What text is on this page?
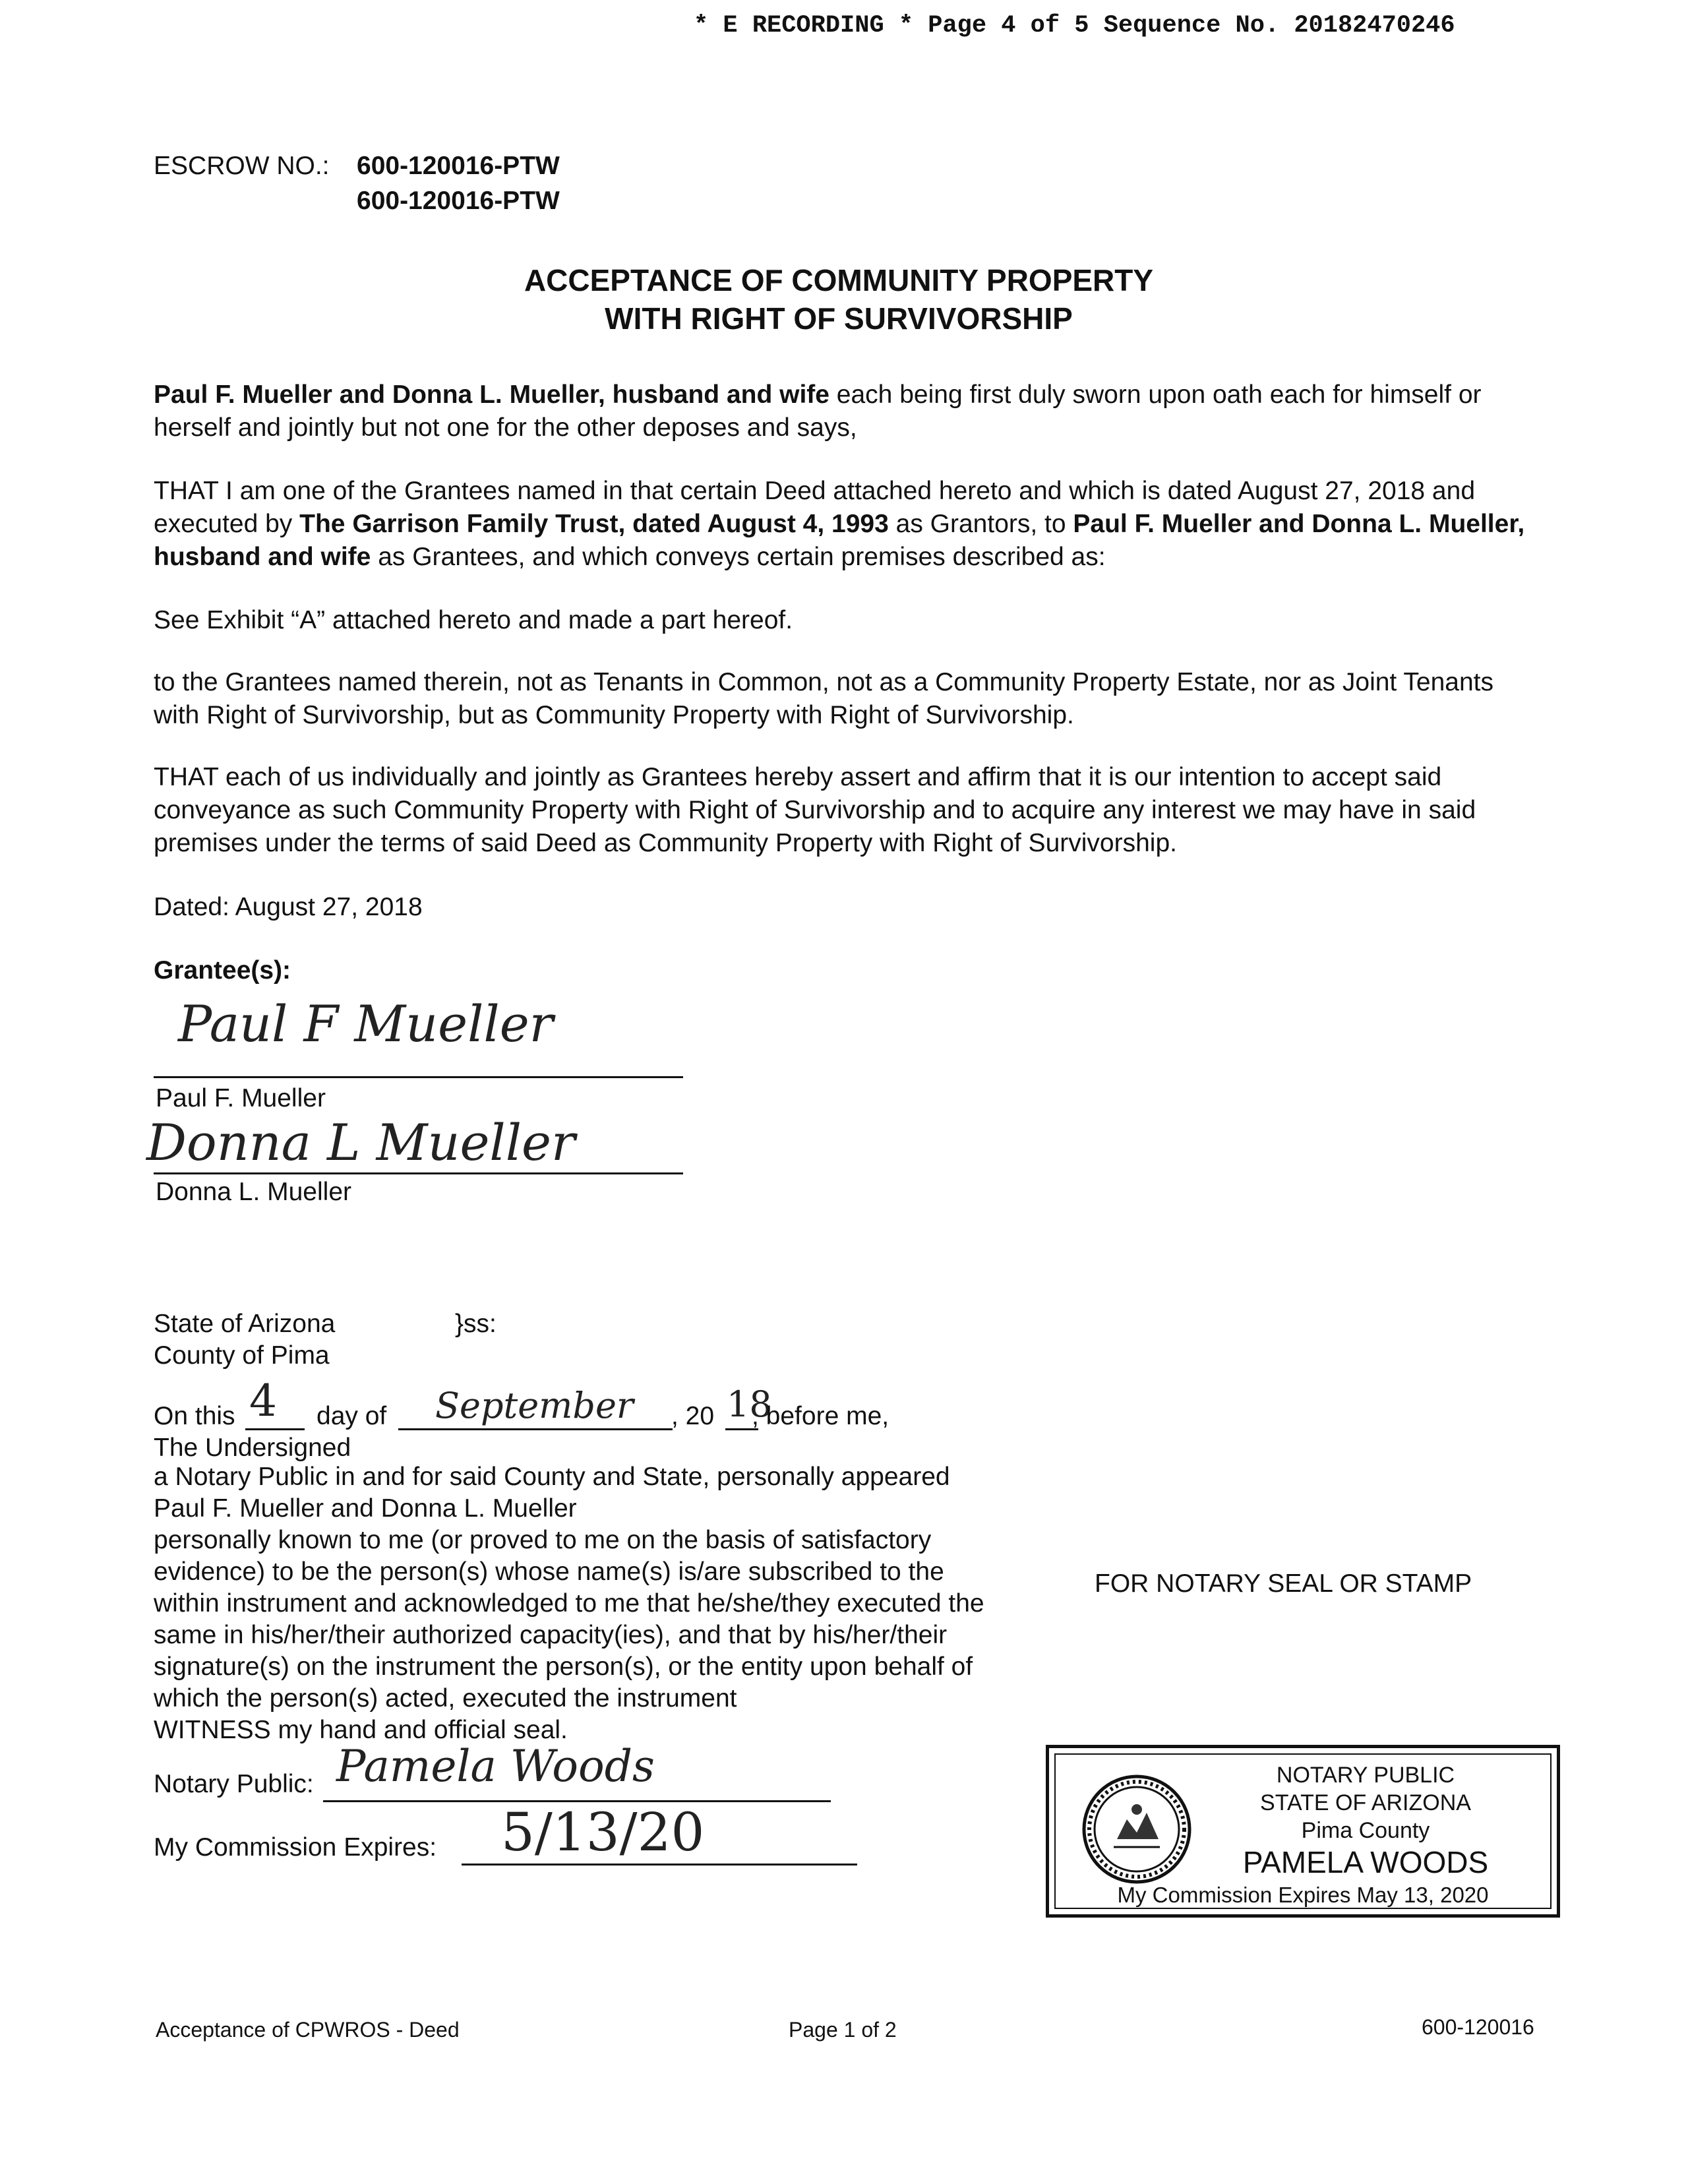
* E RECORDING * Page 4 of 5 Sequence No. 20182470246
ESCROW NO.: 600-120016-PTW
600-120016-PTW
ACCEPTANCE OF COMMUNITY PROPERTY
WITH RIGHT OF SURVIVORSHIP
Paul F. Mueller and Donna L. Mueller, husband and wife each being first duly sworn upon oath each for himself or herself and jointly but not one for the other deposes and says,
THAT I am one of the Grantees named in that certain Deed attached hereto and which is dated August 27, 2018 and executed by The Garrison Family Trust, dated August 4, 1993 as Grantors, to Paul F. Mueller and Donna L. Mueller, husband and wife as Grantees, and which conveys certain premises described as:
See Exhibit “A” attached hereto and made a part hereof.
to the Grantees named therein, not as Tenants in Common, not as a Community Property Estate, nor as Joint Tenants with Right of Survivorship, but as Community Property with Right of Survivorship.
THAT each of us individually and jointly as Grantees hereby assert and affirm that it is our intention to accept said conveyance as such Community Property with Right of Survivorship and to acquire any interest we may have in said premises under the terms of said Deed as Community Property with Right of Survivorship.
Dated: August 27, 2018
Grantee(s):
Paul F Mueller
Paul F. Mueller
Donna L Mueller
Donna L. Mueller
State of Arizona	}ss:
County of Pima
On this 4 day of September , 20 18
, before me,
The Undersigned
a Notary Public in and for said County and State, personally appeared
Paul F. Mueller and Donna L. Mueller
personally known to me (or proved to me on the basis of satisfactory
evidence) to be the person(s) whose name(s) is/are subscribed to the
within instrument and acknowledged to me that he/she/they executed the
same in his/her/their authorized capacity(ies), and that by his/her/their
signature(s) on the instrument the person(s), or the entity upon behalf of
which the person(s) acted, executed the instrument
WITNESS my hand and official seal.
FOR NOTARY SEAL OR STAMP
Notary Public: Pamela Woods
My Commission Expires: 5/13/20
NOTARY PUBLIC
STATE OF ARIZONA
Pima County
PAMELA WOODS
My Commission Expires May 13, 2020
Acceptance of CPWROS - Deed	Page 1 of 2	600-120016
